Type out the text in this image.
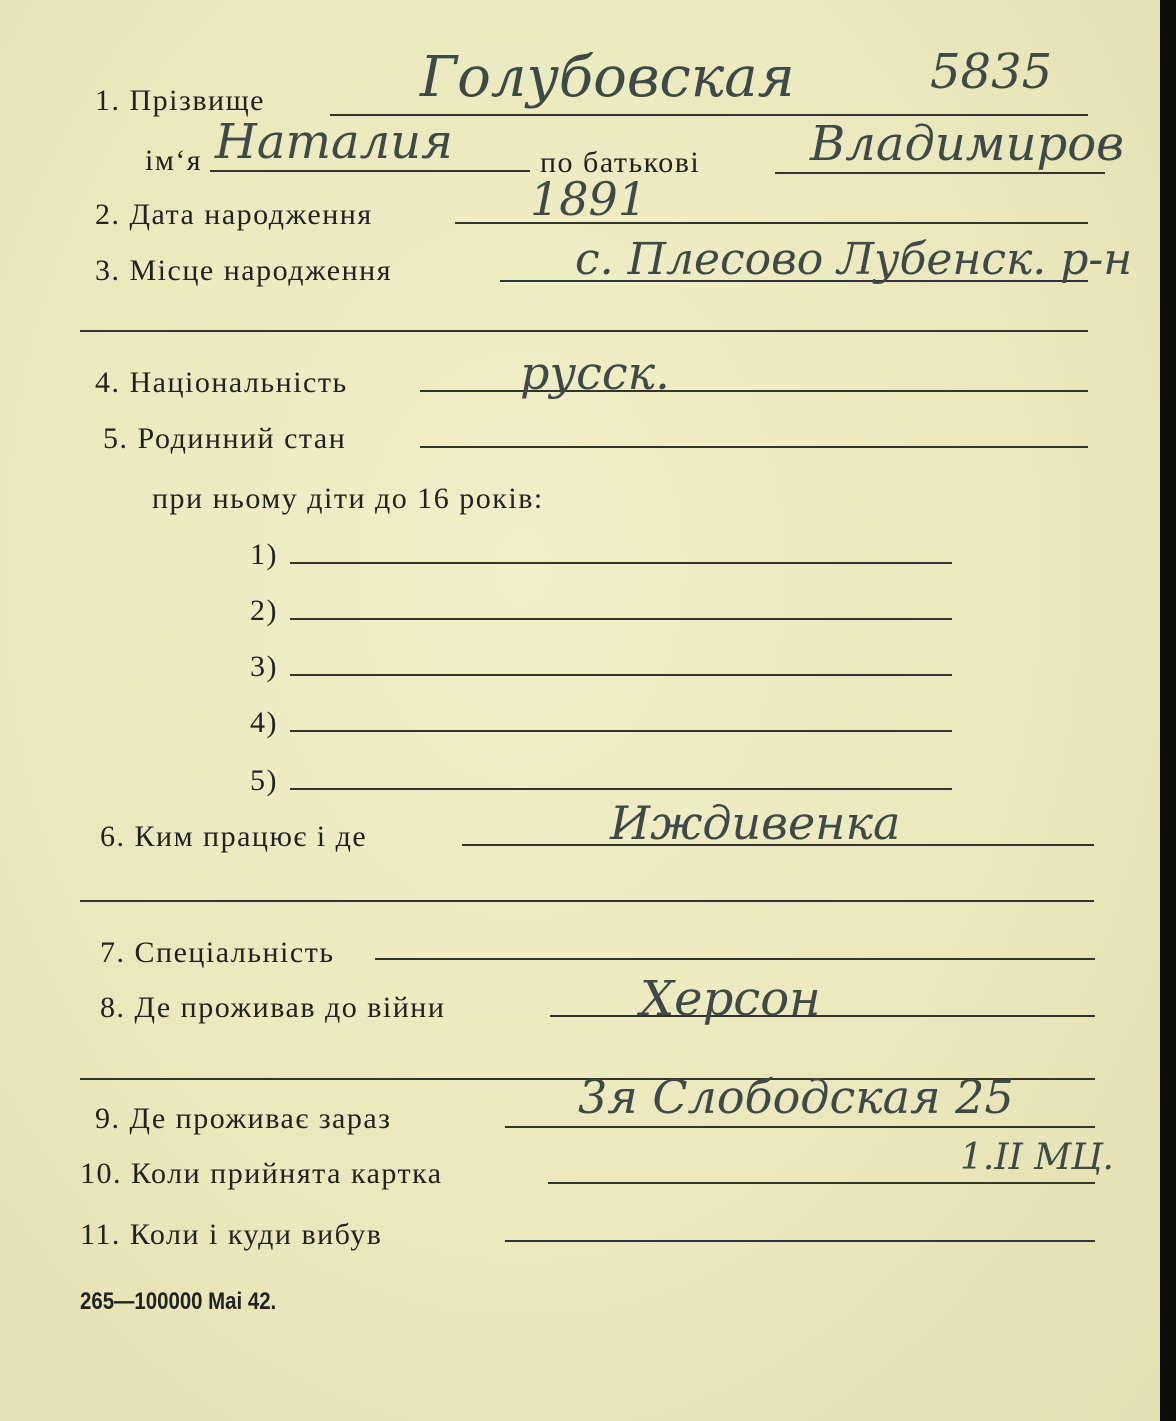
1. Прізвище
ім‘я	по батькові
2. Дата народження
3. Місце народження
4. Національність
5. Родинний стан
при ньому діти до 16 років:
1)
2)
3)
4)
5)
6. Ким працює і де
7. Спеціальність
8. Де проживав до війни
9. Де проживає зараз
10. Коли прийнята картка
11. Коли і куди вибув
5835
Голубовская
Наталия	Владимиров
1891
с. Плесово Лубенск. р-н
русск.
Иждивенка
Херсон
3я Слободская 25
1.II МЦ.
265—100000 Mai 42.
